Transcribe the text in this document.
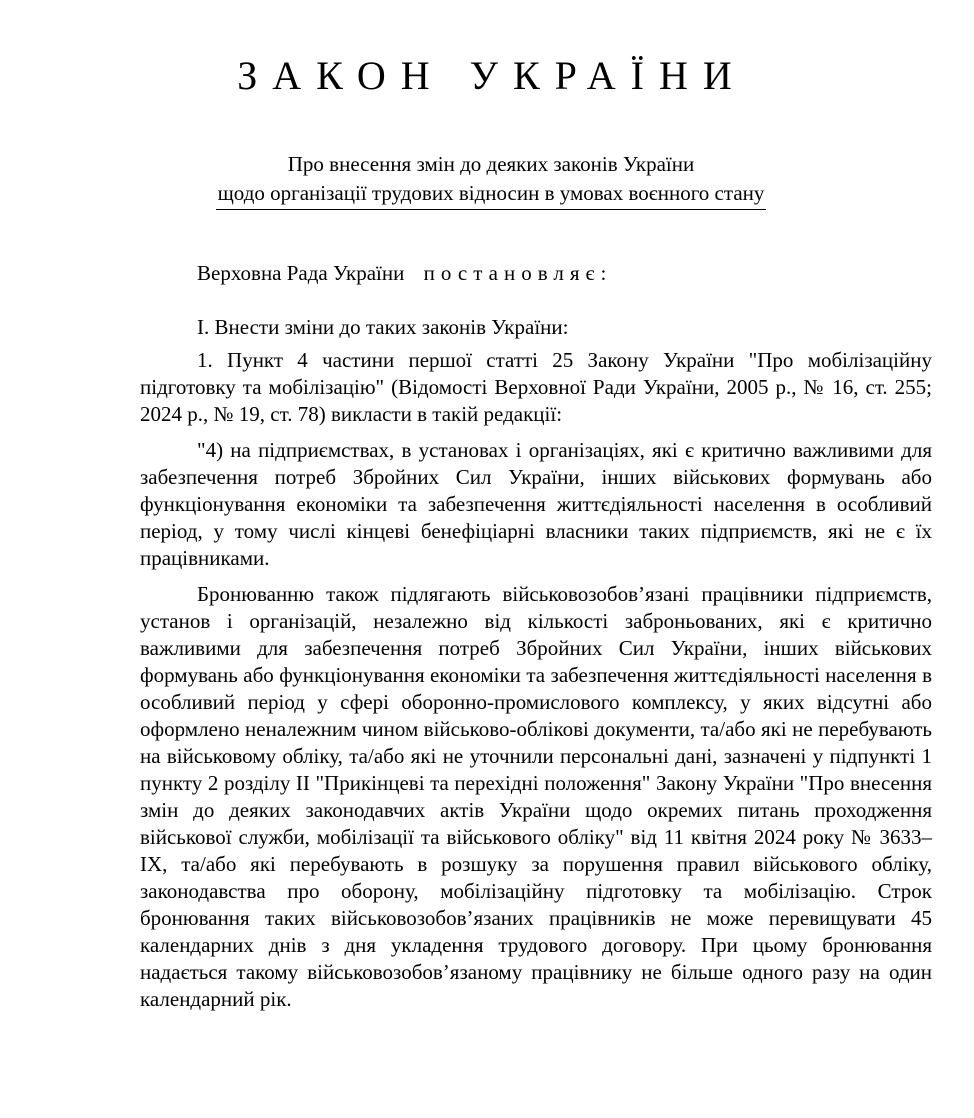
ЗАКОН УКРАЇНИ
Про внесення змін до деяких законів України
щодо організації трудових відносин в умовах воєнного стану
Верховна Рада України постановляє:
І. Внести зміни до таких законів України:

1. Пункт 4 частини першої статті 25 Закону України "Про мобілізаційну підготовку та мобілізацію" (Відомості Верховної Ради України, 2005 р., № 16, ст. 255; 2024 р., № 19, ст. 78) викласти в такій редакції:

"4) на підприємствах, в установах і організаціях, які є критично важливими для забезпечення потреб Збройних Сил України, інших військових формувань або функціонування економіки та забезпечення життєдіяльності населення в особливий період, у тому числі кінцеві бенефіціарні власники таких підприємств, які не є їх працівниками.

Бронюванню також підлягають військовозобов’язані працівники підприємств, установ і організацій, незалежно від кількості заброньованих, які є критично важливими для забезпечення потреб Збройних Сил України, інших військових формувань або функціонування економіки та забезпечення життєдіяльності населення в особливий період у сфері оборонно-промислового комплексу, у яких відсутні або оформлено неналежним чином військово-облікові документи, та/або які не перебувають на військовому обліку, та/або які не уточнили персональні дані, зазначені у підпункті 1 пункту 2 розділу ІІ "Прикінцеві та перехідні положення" Закону України "Про внесення змін до деяких законодавчих актів України щодо окремих питань проходження військової служби, мобілізації та військового обліку" від 11 квітня 2024 року № 3633–ІХ, та/або які перебувають в розшуку за порушення правил військового обліку, законодавства про оборону, мобілізаційну підготовку та мобілізацію. Строк бронювання таких військовозобов’язаних працівників не може перевищувати 45 календарних днів з дня укладення трудового договору. При цьому бронювання надається такому військовозобов’язаному працівнику не більше одного разу на один календарний рік.
